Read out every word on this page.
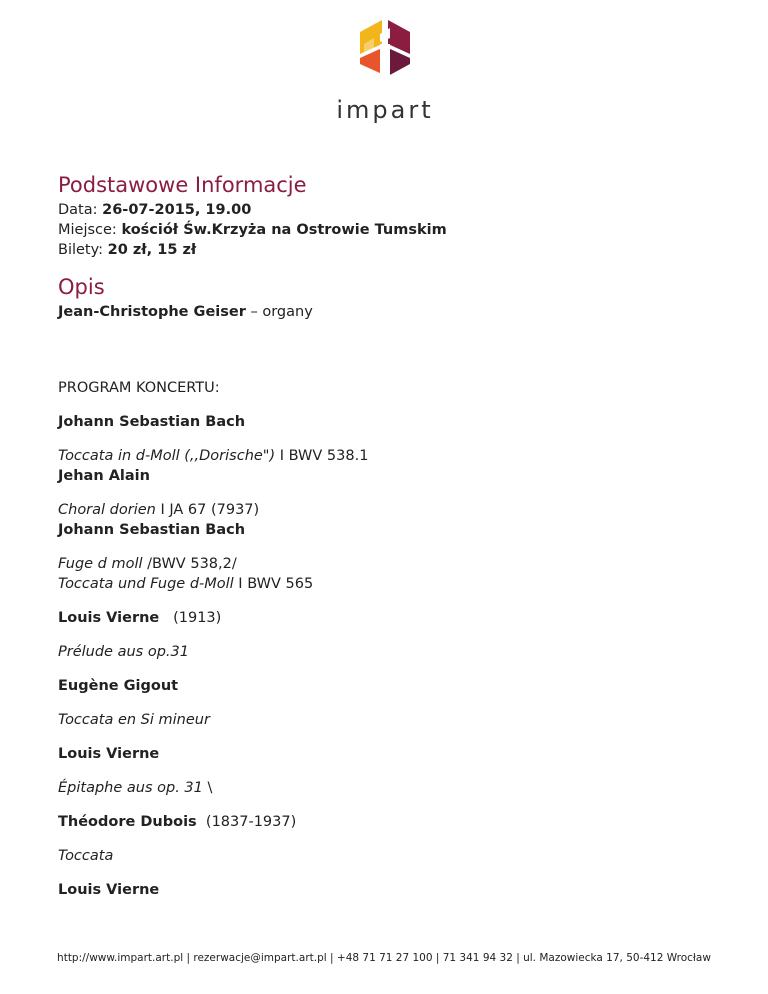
impart
Podstawowe Informacje
Data: 26-07-2015, 19.00
Miejsce: kościół Św.Krzyża na Ostrowie Tumskim
Bilety: 20 zł, 15 zł
Opis

Jean-Christophe Geiser – organy

PROGRAM KONCERTU:

Johann Sebastian Bach

Toccata in d-Moll (,,Dorische") I BWV 538.1

Jehan Alain

Choral dorien I JA 67 (7937)

Johann Sebastian Bach

Fuge d moll /BWV 538,2/

Toccata und Fuge d-Moll I BWV 565

Louis Vierne (1913)

Prélude aus op.31

Eugène Gigout

Toccata en Si mineur

Louis Vierne

Épitaphe aus op. 31 \

Théodore Dubois (1837-1937)

Toccata

Louis Vierne

http://www.impart.art.pl | rezerwacje@impart.art.pl | +48 71 71 27 100 | 71 341 94 32 | ul. Mazowiecka 17, 50-412 Wrocław
